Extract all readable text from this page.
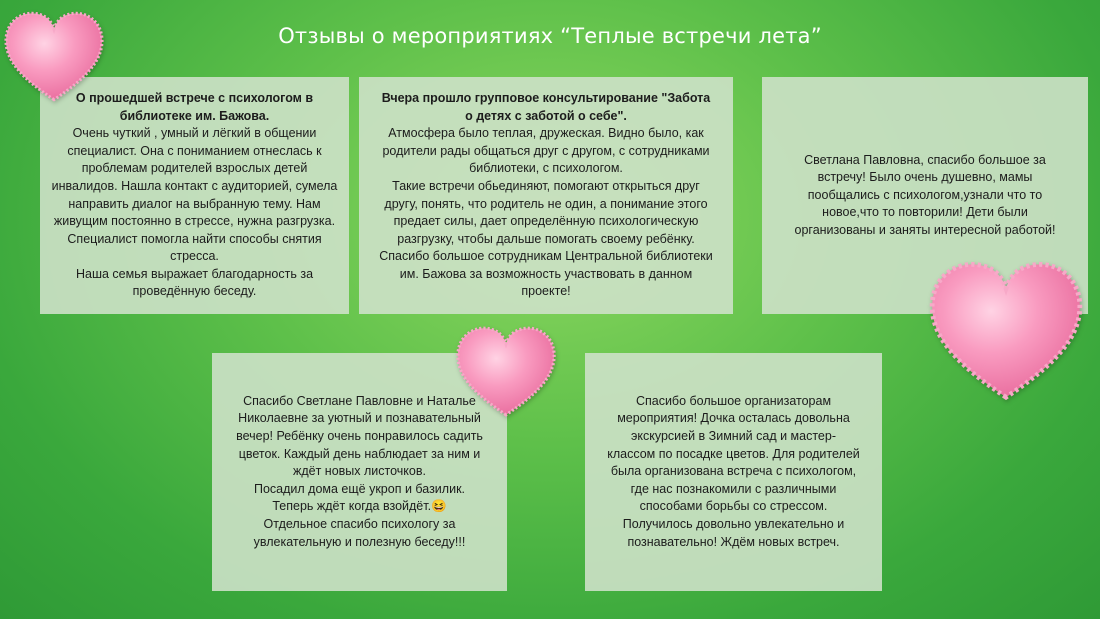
Отзывы о мероприятиях “Теплые встречи лета”

О прошедшей встрече с психологом в библиотеке им. Бажова.

Очень чуткий , умный и лёгкий в общении специалист. Она с пониманием отнеслась к проблемам родителей взрослых детей инвалидов. Нашла контакт с аудиторией, сумела направить диалог на выбранную тему. Нам живущим постоянно в стрессе, нужна разгрузка. Специалист помогла найти способы снятия стресса.

Наша семья выражает благодарность за проведённую беседу.

Вчера прошло групповое консультирование "Забота о детях с заботой о себе".

Атмосфера было теплая, дружеская. Видно было, как родители рады общаться друг с другом, с сотрудниками библиотеки, с психологом.

Такие встречи обьединяют, помогают открыться друг другу, понять, что родитель не один, а понимание этого предает силы, дает определённую психологическую разгрузку, чтобы дальше помогать своему ребёнку.

Спасибо большое сотрудникам Центральной библиотеки им. Бажова за возможность участвовать в данном проекте!

Светлана Павловна, спасибо большое за встречу! Было очень душевно, мамы пообщались с психологом,узнали что то новое,что то повторили! Дети были организованы и заняты интересной работой!

Спасибо Светлане Павловне и Наталье Николаевне за уютный и познавательный вечер! Ребёнку очень понравилось садить цветок. Каждый день наблюдает за ним и ждёт новых листочков.

Посадил дома ещё укроп и базилик.

Теперь ждёт когда взойдёт.😆

Отдельное спасибо психологу за увлекательную и полезную беседу!!!

Спасибо большое организаторам мероприятия! Дочка осталась довольна экскурсией в Зимний сад и мастер-классом по посадке цветов. Для родителей была организована встреча с психологом, где нас познакомили с различными способами борьбы со стрессом. Получилось довольно увлекательно и познавательно! Ждём новых встреч.
